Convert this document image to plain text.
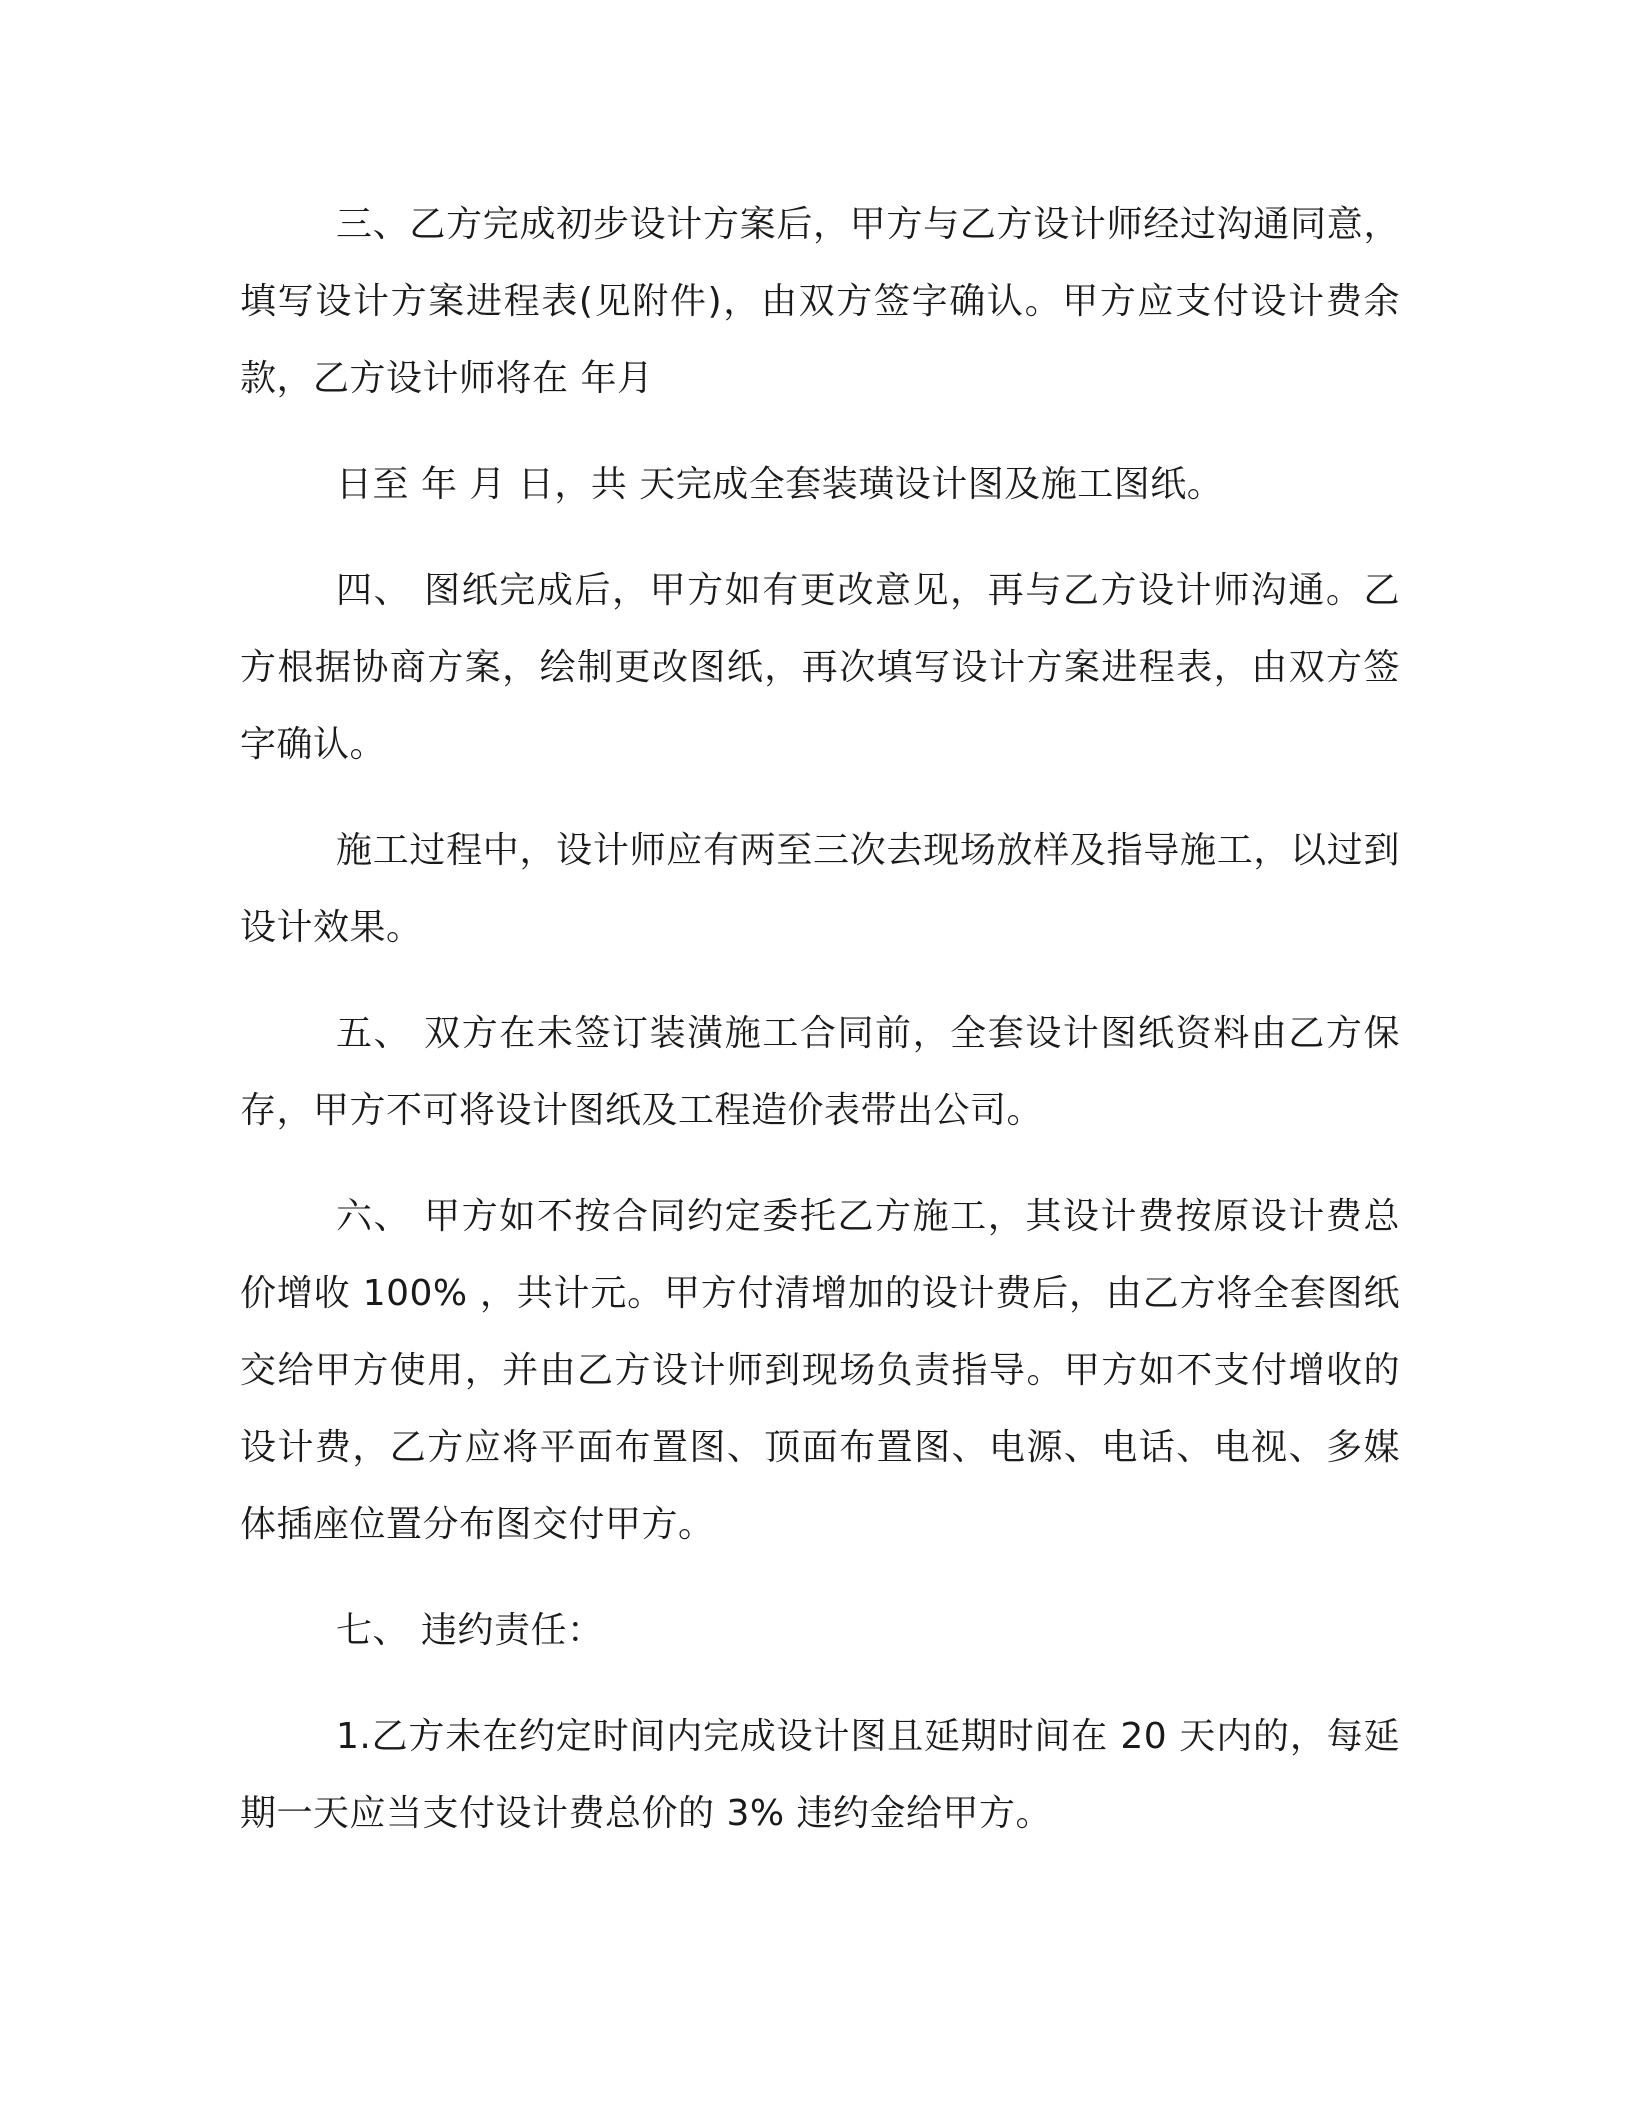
三、乙方完成初步设计方案后，甲方与乙方设计师经过沟通同意，填写设计方案进程表(见附件)，由双方签字确认。甲方应支付设计费余款，乙方设计师将在 年月

日至 年 月 日，共 天完成全套装璜设计图及施工图纸。

四、 图纸完成后，甲方如有更改意见，再与乙方设计师沟通。乙方根据协商方案，绘制更改图纸，再次填写设计方案进程表，由双方签字确认。

施工过程中，设计师应有两至三次去现场放样及指导施工，以过到设计效果。

五、 双方在未签订装潢施工合同前，全套设计图纸资料由乙方保存，甲方不可将设计图纸及工程造价表带出公司。

六、 甲方如不按合同约定委托乙方施工，其设计费按原设计费总价增收 100% ，共计元。甲方付清增加的设计费后，由乙方将全套图纸交给甲方使用，并由乙方设计师到现场负责指导。甲方如不支付增收的设计费，乙方应将平面布置图、顶面布置图、电源、电话、电视、多媒体插座位置分布图交付甲方。

七、 违约责任：

1.乙方未在约定时间内完成设计图且延期时间在 20 天内的，每延期一天应当支付设计费总价的 3% 违约金给甲方。
